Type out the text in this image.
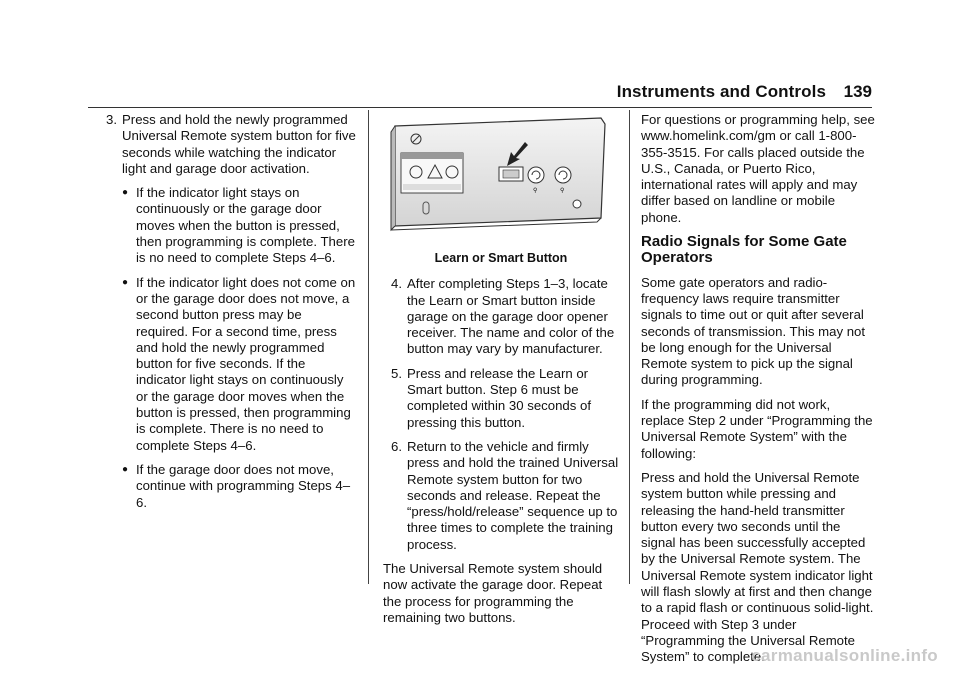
Instruments and Controls 139
3. Press and hold the newly programmed Universal Remote system button for five seconds while watching the indicator light and garage door activation.
● If the indicator light stays on continuously or the garage door moves when the button is pressed, then programming is complete. There is no need to complete Steps 4–6.
● If the indicator light does not come on or the garage door does not move, a second button press may be required. For a second time, press and hold the newly programmed button for five seconds. If the indicator light stays on continuously or the garage door moves when the button is pressed, then programming is complete. There is no need to complete Steps 4–6.
● If the garage door does not move, continue with programming Steps 4–6.
⚲	⚲
Learn or Smart Button
4. After completing Steps 1–3, locate the Learn or Smart button inside garage on the garage door opener receiver. The name and color of the button may vary by manufacturer.
5. Press and release the Learn or Smart button. Step 6 must be completed within 30 seconds of pressing this button.
6. Return to the vehicle and firmly press and hold the trained Universal Remote system button for two seconds and release. Repeat the “press/hold/release” sequence up to three times to complete the training process.

The Universal Remote system should now activate the garage door. Repeat the process for programming the remaining two buttons.

For questions or programming help, see www.homelink.com/gm or call 1-800-355-3515. For calls placed outside the U.S., Canada, or Puerto Rico, international rates will apply and may differ based on landline or mobile phone.

Radio Signals for Some Gate Operators

Some gate operators and radio-frequency laws require transmitter signals to time out or quit after several seconds of transmission. This may not be long enough for the Universal Remote system to pick up the signal during programming.

If the programming did not work, replace Step 2 under “Programming the Universal Remote System” with the following:

Press and hold the Universal Remote system button while pressing and releasing the hand-held transmitter button every two seconds until the signal has been successfully accepted by the Universal Remote system. The Universal Remote system indicator light will flash slowly at first and then change to a rapid flash or continuous solid-light. Proceed with Step 3 under “Programming the Universal Remote System” to complete.

carmanualsonline.info
